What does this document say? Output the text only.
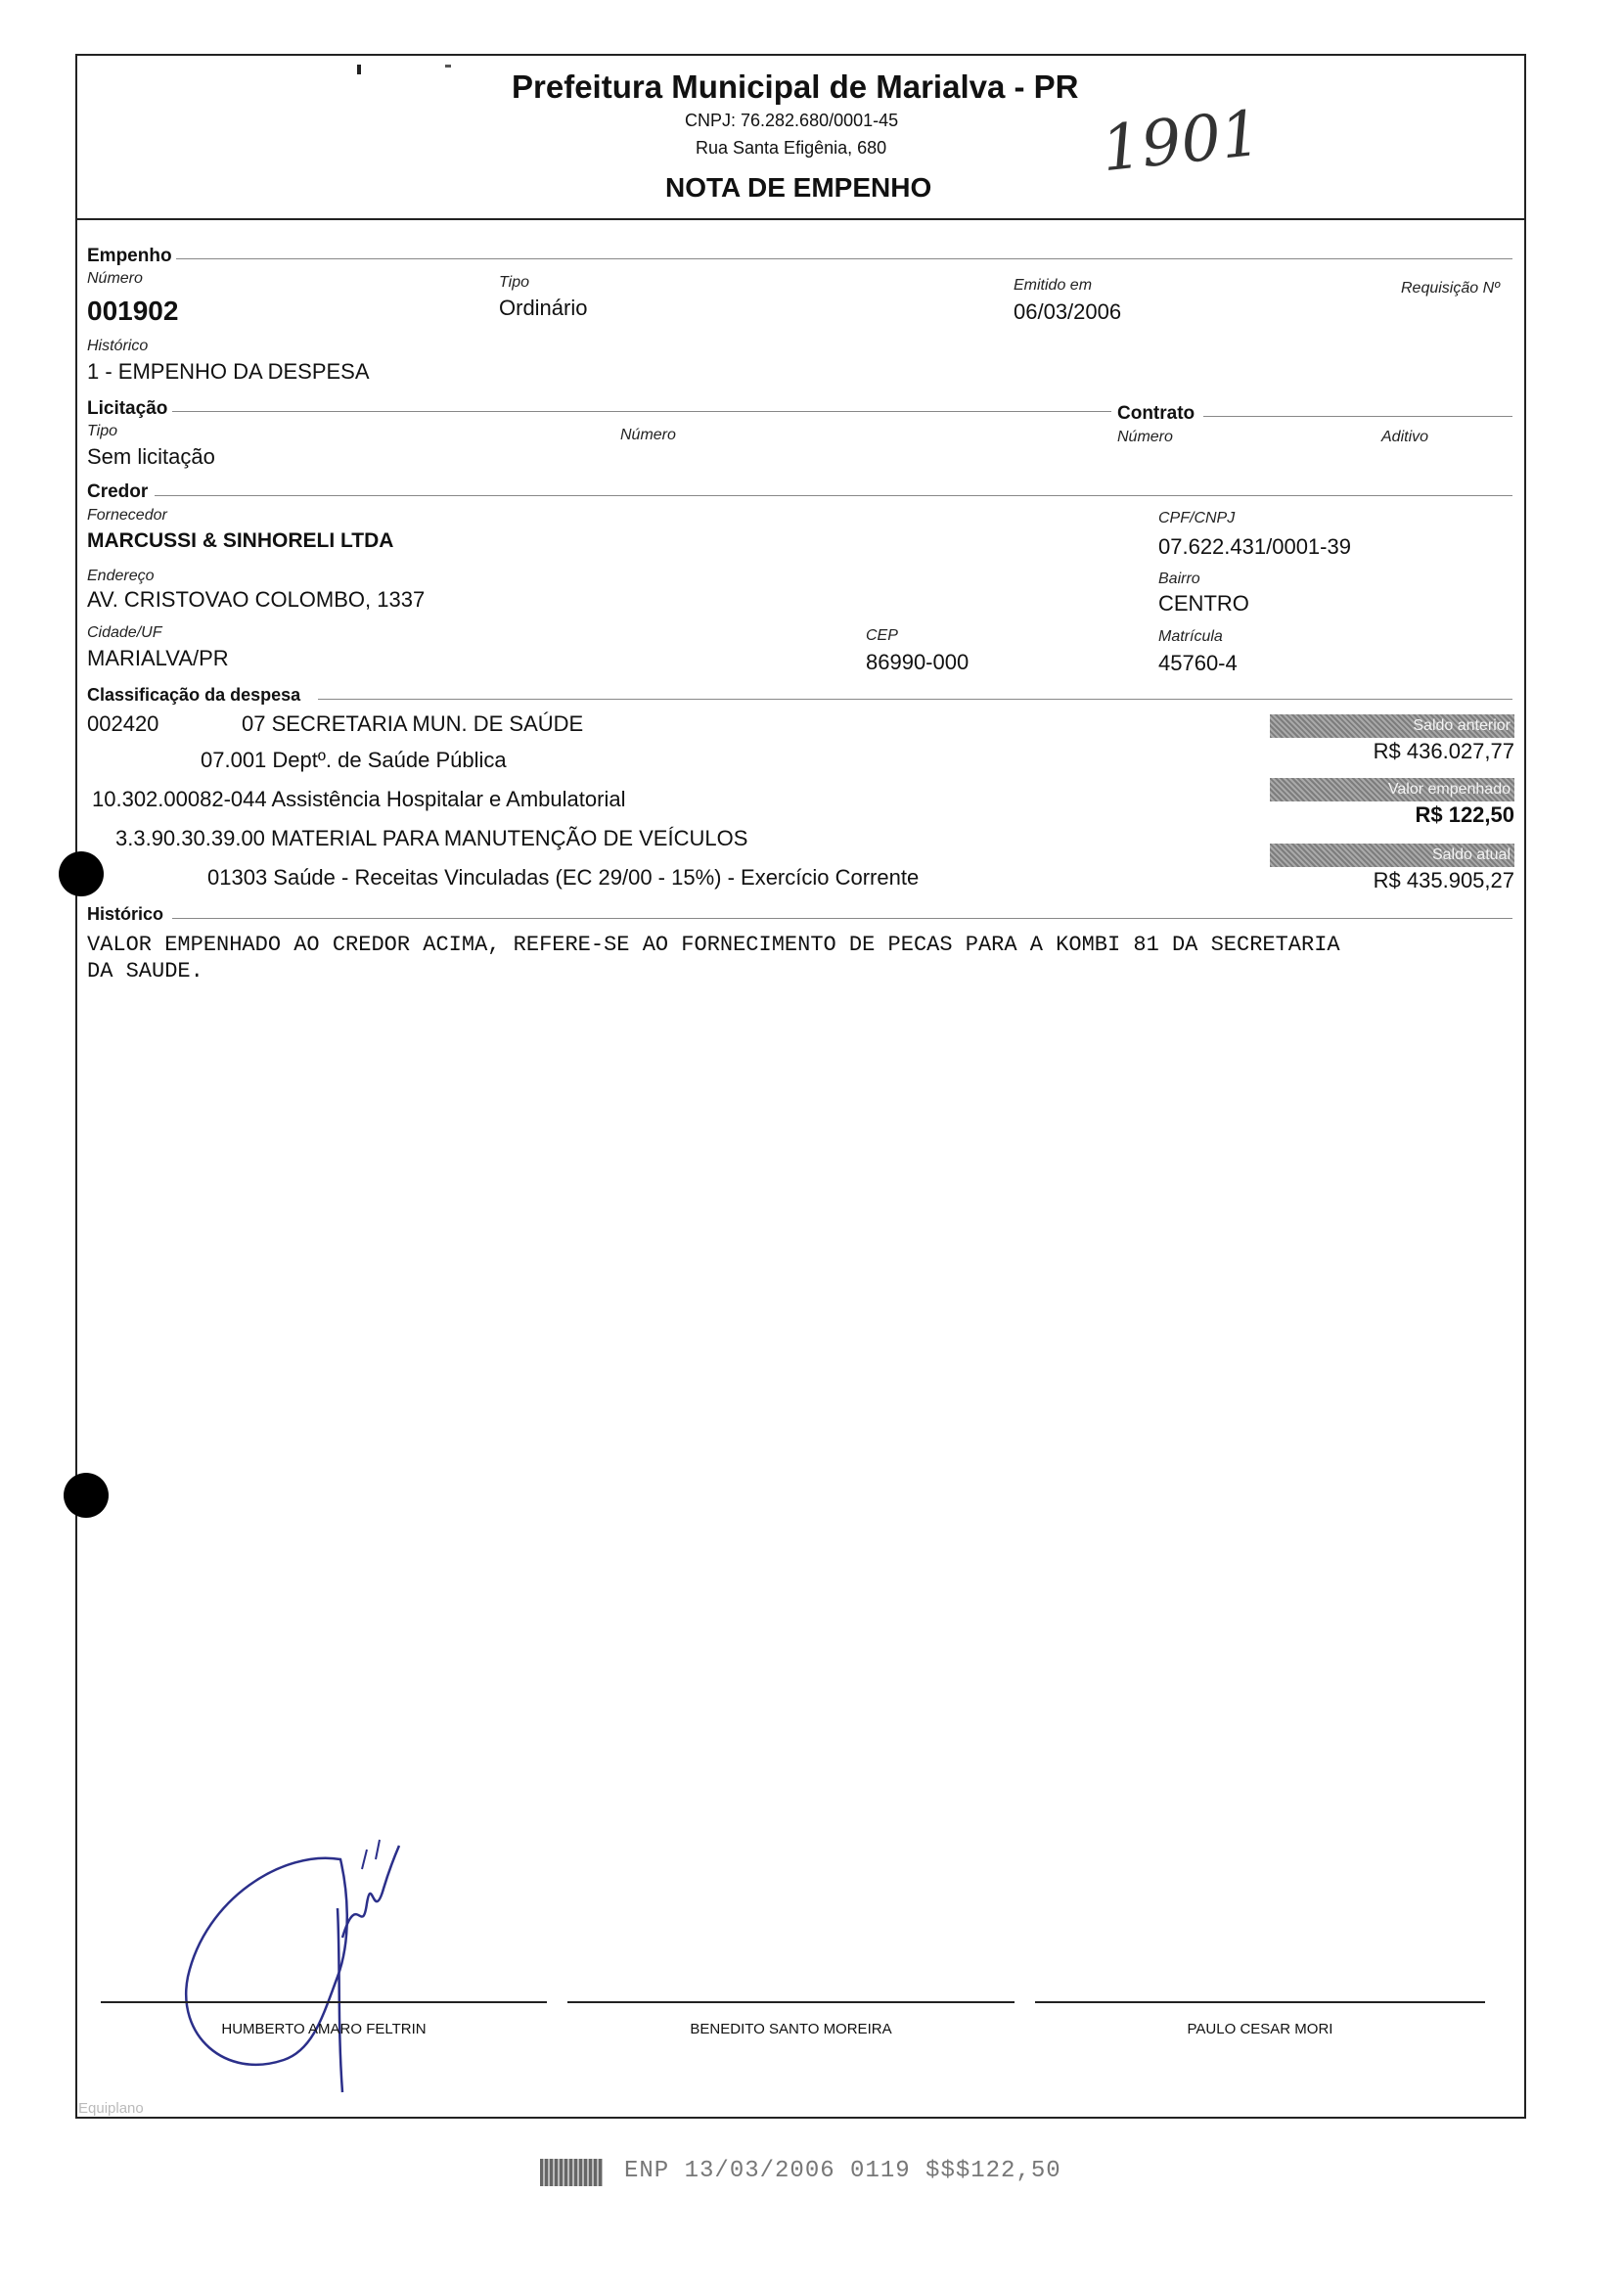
Prefeitura Municipal de Marialva - PR
CNPJ: 76.282.680/0001-45
Rua Santa Efigênia, 680
NOTA DE EMPENHO
1901
Empenho
Número
001902
Tipo
Ordinário
Emitido em
06/03/2006
Requisição Nº
Histórico
1 - EMPENHO DA DESPESA
Licitação	Contrato
Tipo
Sem licitação
Número	Número	Aditivo
Credor
Fornecedor
MARCUSSI & SINHORELI LTDA
CPF/CNPJ
07.622.431/0001-39
Endereço
AV. CRISTOVAO COLOMBO, 1337
Bairro
CENTRO
Cidade/UF
MARIALVA/PR
CEP
86990-000
Matrícula
45760-4
Classificação da despesa
002420	07 SECRETARIA MUN. DE SAÚDE
07.001 Deptº. de Saúde Pública
10.302.00082-044 Assistência Hospitalar e Ambulatorial
3.3.90.30.39.00 MATERIAL PARA MANUTENÇÃO DE VEÍCULOS
01303 Saúde - Receitas Vinculadas (EC 29/00 - 15%) - Exercício Corrente
Saldo anterior
R$ 436.027,77
Valor empenhado
R$ 122,50
Saldo atual
R$ 435.905,27
Histórico
VALOR EMPENHADO AO CREDOR ACIMA, REFERE-SE AO FORNECIMENTO DE PECAS PARA A KOMBI 81 DA SECRETARIA
DA SAUDE.
HUMBERTO AMARO FELTRIN	BENEDITO SANTO MOREIRA	PAULO CESAR MORI
Equiplano
ENP 13/03/2006 0119 $$$122,50
